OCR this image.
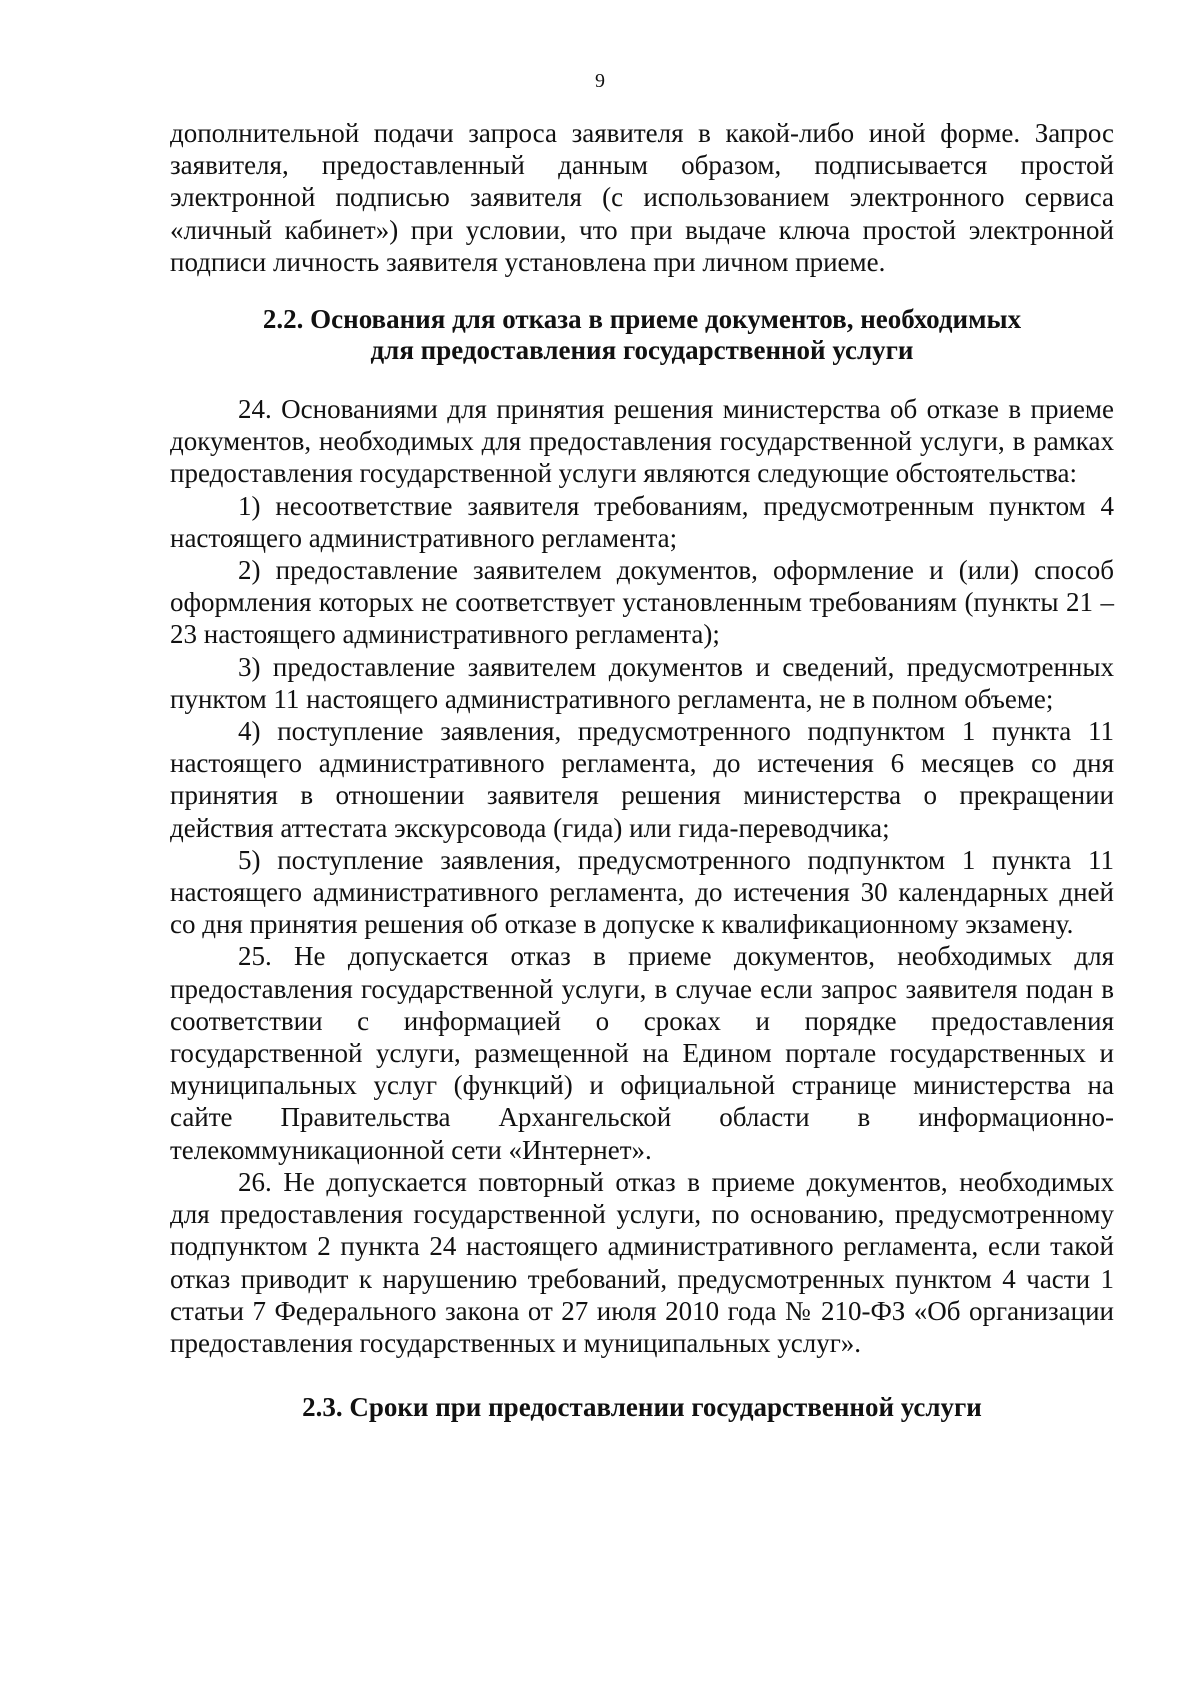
9

дополнительной подачи запроса заявителя в какой-либо иной форме. Запрос заявителя, предоставленный данным образом, подписывается простой электронной подписью заявителя (с использованием электронного сервиса «личный кабинет») при условии, что при выдаче ключа простой электронной подписи личность заявителя установлена при личном приеме.

2.2. Основания для отказа в приеме документов, необходимых
для предоставления государственной услуги

24. Основаниями для принятия решения министерства об отказе в приеме документов, необходимых для предоставления государственной услуги, в рамках предоставления государственной услуги являются следующие обстоятельства:

1) несоответствие заявителя требованиям, предусмотренным пунктом 4 настоящего административного регламента;

2) предоставление заявителем документов, оформление и (или) способ оформления которых не соответствует установленным требованиям (пункты 21 – 23 настоящего административного регламента);

3) предоставление заявителем документов и сведений, предусмотренных пунктом 11 настоящего административного регламента, не в полном объеме;

4) поступление заявления, предусмотренного подпунктом 1 пункта 11 настоящего административного регламента, до истечения 6 месяцев со дня принятия в отношении заявителя решения министерства о прекращении действия аттестата экскурсовода (гида) или гида-переводчика;

5) поступление заявления, предусмотренного подпунктом 1 пункта 11 настоящего административного регламента, до истечения 30 календарных дней со дня принятия решения об отказе в допуске к квалификационному экзамену.

25. Не допускается отказ в приеме документов, необходимых для предоставления государственной услуги, в случае если запрос заявителя подан в соответствии с информацией о сроках и порядке предоставления государственной услуги, размещенной на Едином портале государственных и муниципальных услуг (функций) и официальной странице министерства на сайте Правительства Архангельской области в информационно-телекоммуникационной сети «Интернет».

26. Не допускается повторный отказ в приеме документов, необходимых для предоставления государственной услуги, по основанию, предусмотренному подпунктом 2 пункта 24 настоящего административного регламента, если такой отказ приводит к нарушению требований, предусмотренных пунктом 4 части 1 статьи 7 Федерального закона от 27 июля 2010 года № 210-ФЗ «Об организации предоставления государственных и муниципальных услуг».

2.3. Сроки при предоставлении государственной услуги
